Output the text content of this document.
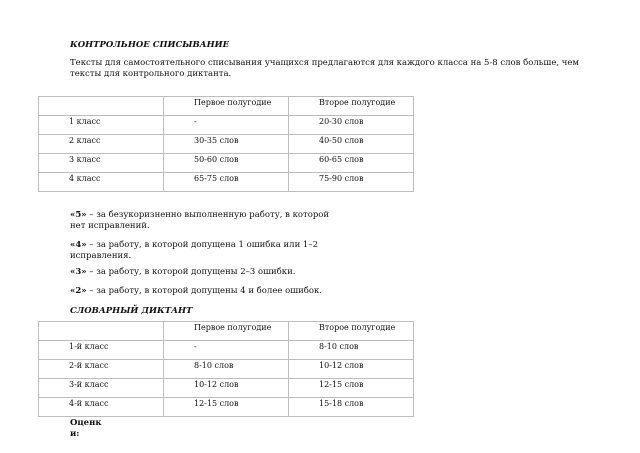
КОНТРОЛЬНОЕ СПИСЫВАНИЕ
Тексты для самостоятельного списывания учащихся предлагаются для каждого класса на 5-8 слов больше, чем
тексты для контрольного диктанта.

	Первое полугодие	Второе полугодие

1 класс	-	20-30 слов

2 класс	30-35 слов	40-50 слов

3 класс	50-60 слов	60-65 слов

4 класс	65-75 слов	75-90 слов
«5» – за безукоризненно выполненную работу, в которой
нет исправлений.
«4» – за работу, в которой допущена 1 ошибка или 1–2
исправления.
«3» – за работу, в которой допущены 2–3 ошибки.
«2» – за работу, в которой допущены 4 и более ошибок.
СЛОВАРНЫЙ ДИКТАНТ

	Первое полугодие	Второе полугодие

1-й класс	-	8-10 слов

2-й класс	8-10 слов	10-12 слов

3-й класс	10-12 слов	12-15 слов

4-й класс	12-15 слов	15-18 слов
Оценк
и:
